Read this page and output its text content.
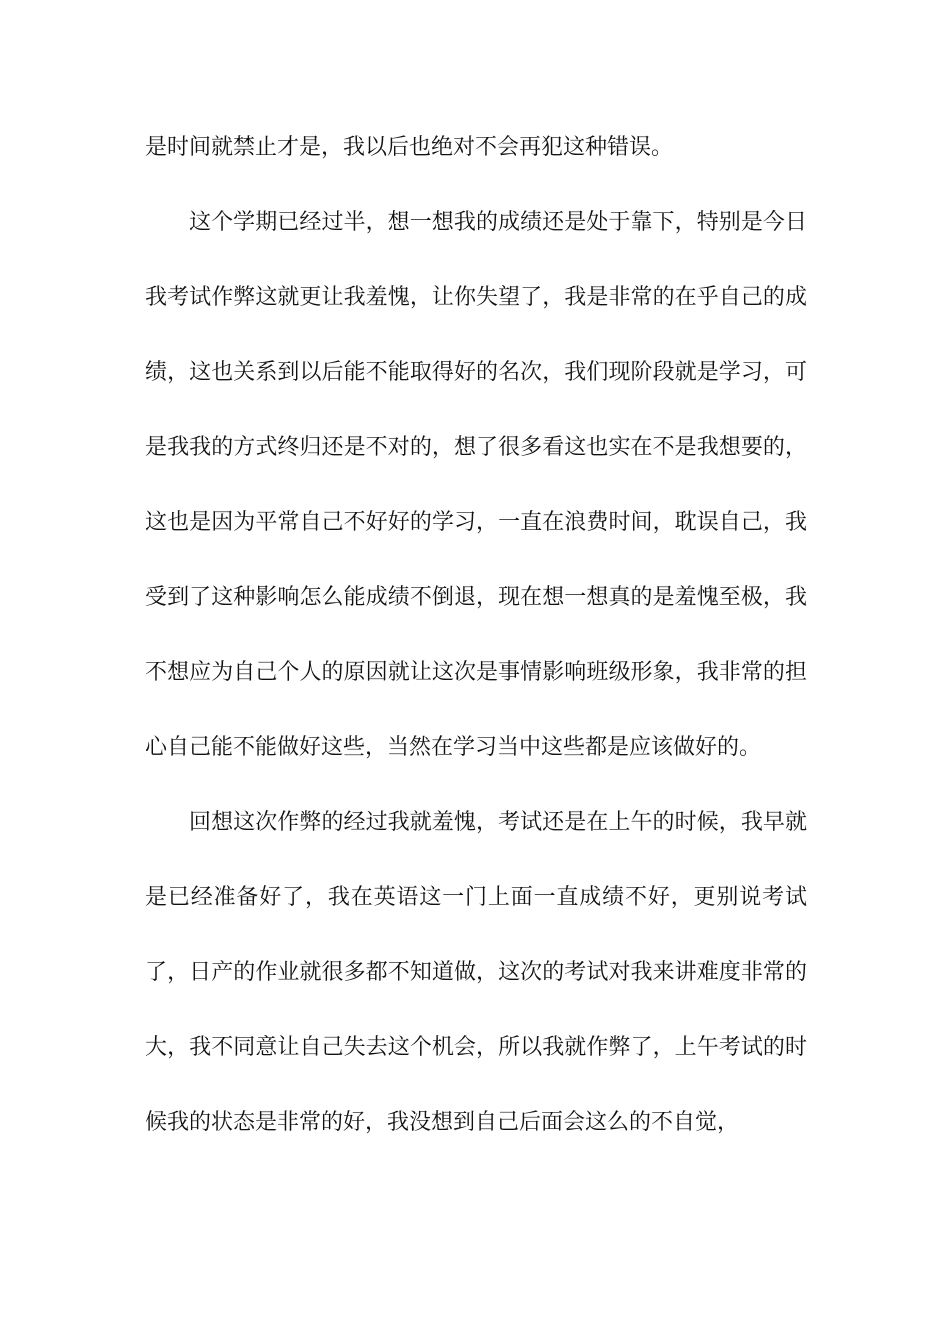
是时间就禁止才是，我以后也绝对不会再犯这种错误。

这个学期已经过半，想一想我的成绩还是处于靠下，特别是今日我考试作弊这就更让我羞愧，让你失望了，我是非常的在乎自己的成绩，这也关系到以后能不能取得好的名次，我们现阶段就是学习，可是我我的方式终归还是不对的，想了很多看这也实在不是我想要的，这也是因为平常自己不好好的学习，一直在浪费时间，耽误自己，我受到了这种影响怎么能成绩不倒退，现在想一想真的是羞愧至极，我不想应为自己个人的原因就让这次是事情影响班级形象，我非常的担心自己能不能做好这些，当然在学习当中这些都是应该做好的。

回想这次作弊的经过我就羞愧，考试还是在上午的时候，我早就是已经准备好了，我在英语这一门上面一直成绩不好，更别说考试了，日产的作业就很多都不知道做，这次的考试对我来讲难度非常的大，我不同意让自己失去这个机会，所以我就作弊了，上午考试的时候我的状态是非常的好，我没想到自己后面会这么的不自觉，
